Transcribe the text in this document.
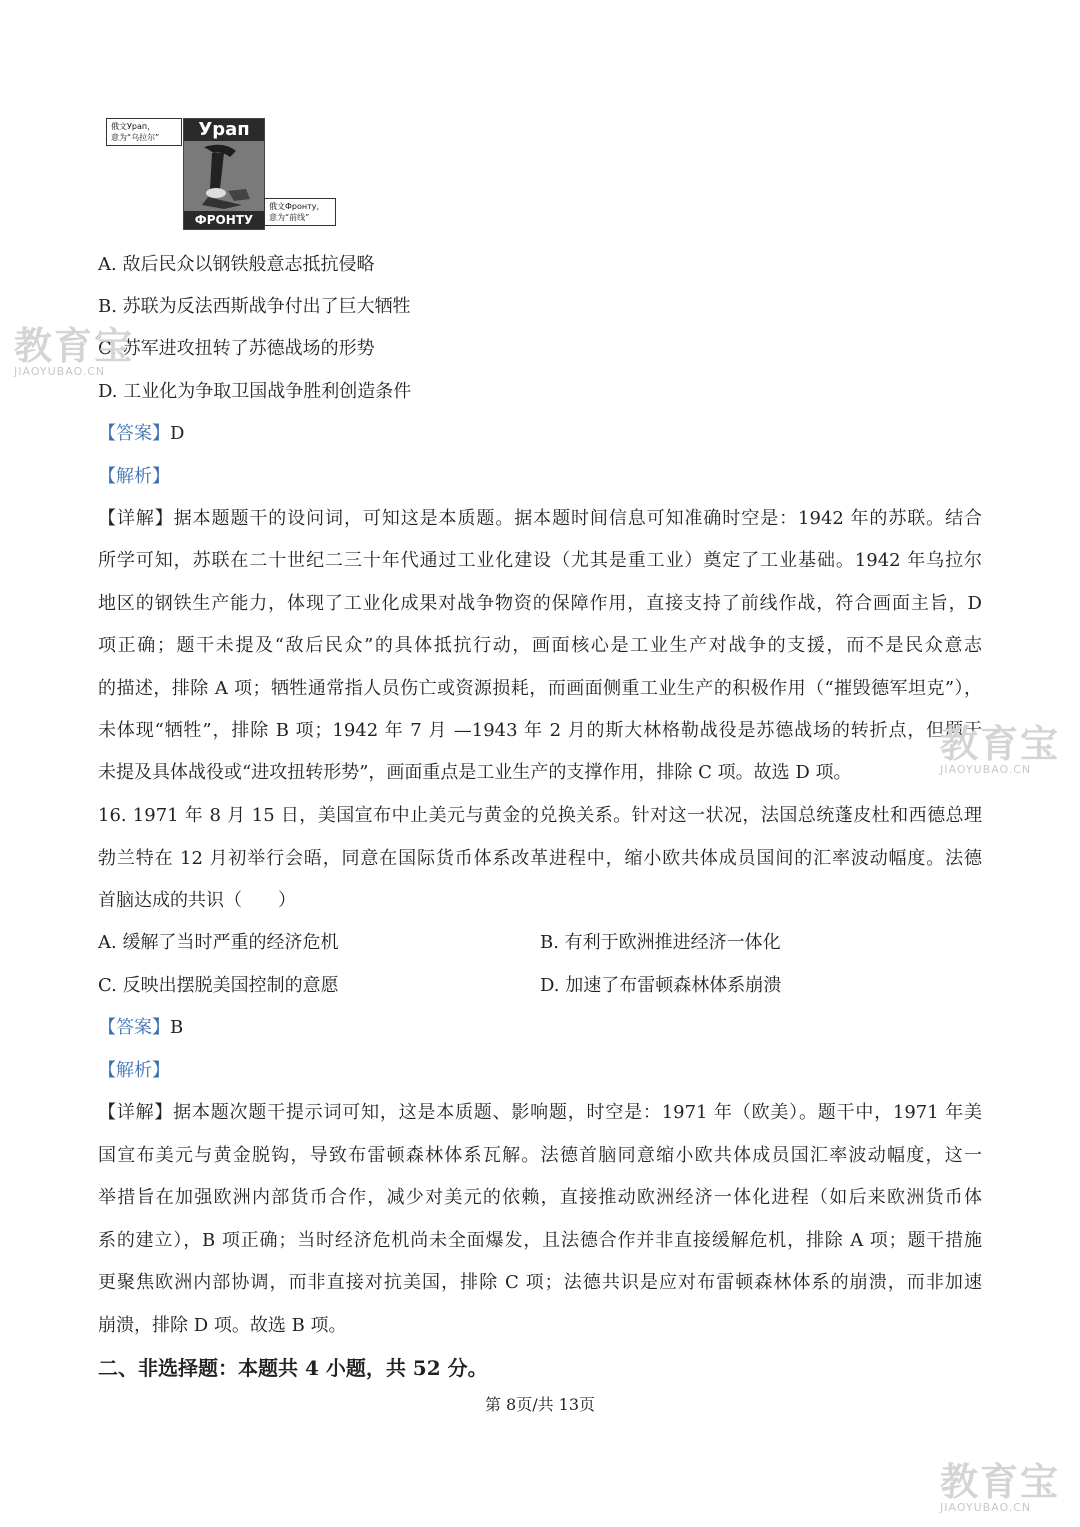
俄文Урап，
意为“乌拉尔”	Урап
ФРОНТУ
俄文Фронту，
意为“前线”
A. 敌后民众以钢铁般意志抵抗侵略
B. 苏联为反法西斯战争付出了巨大牺牲
C. 苏军进攻扭转了苏德战场的形势
D. 工业化为争取卫国战争胜利创造条件
【答案】D
【解析】
【详解】据本题题干的设问词，可知这是本质题。据本题时间信息可知准确时空是：1942 年的苏联。结合
所学可知，苏联在二十世纪二三十年代通过工业化建设（尤其是重工业）奠定了工业基础。1942 年乌拉尔
地区的钢铁生产能力，体现了工业化成果对战争物资的保障作用，直接支持了前线作战，符合画面主旨，D
项正确；题干未提及“敌后民众”的具体抵抗行动，画面核心是工业生产对战争的支援，而不是民众意志
的描述，排除 A 项；牺牲通常指人员伤亡或资源损耗，而画面侧重工业生产的积极作用（“摧毁德军坦克”），
未体现“牺牲”，排除 B 项；1942 年 7 月 —1943 年 2 月的斯大林格勒战役是苏德战场的转折点，但题干
未提及具体战役或“进攻扭转形势”，画面重点是工业生产的支撑作用，排除 C 项。故选 D 项。
16. 1971 年 8 月 15 日，美国宣布中止美元与黄金的兑换关系。针对这一状况，法国总统蓬皮杜和西德总理
勃兰特在 12 月初举行会晤，同意在国际货币体系改革进程中，缩小欧共体成员国间的汇率波动幅度。法德
首脑达成的共识（　　）
A. 缓解了当时严重的经济危机	B. 有利于欧洲推进经济一体化
C. 反映出摆脱美国控制的意愿	D. 加速了布雷顿森林体系崩溃
【答案】B
【解析】
【详解】据本题次题干提示词可知，这是本质题、影响题，时空是：1971 年（欧美）。题干中，1971 年美
国宣布美元与黄金脱钩，导致布雷顿森林体系瓦解。法德首脑同意缩小欧共体成员国汇率波动幅度，这一
举措旨在加强欧洲内部货币合作，减少对美元的依赖，直接推动欧洲经济一体化进程（如后来欧洲货币体
系的建立），B 项正确；当时经济危机尚未全面爆发，且法德合作并非直接缓解危机，排除 A 项；题干措施
更聚焦欧洲内部协调，而非直接对抗美国，排除 C 项；法德共识是应对布雷顿森林体系的崩溃，而非加速
崩溃，排除 D 项。故选 B 项。
二、非选择题：本题共 4 小题，共 52 分。
第 8页/共 13页
教育宝
JIAOYUBAO.CN
教育宝
JIAOYUBAO.CN
教育宝
JIAOYUBAO.CN
